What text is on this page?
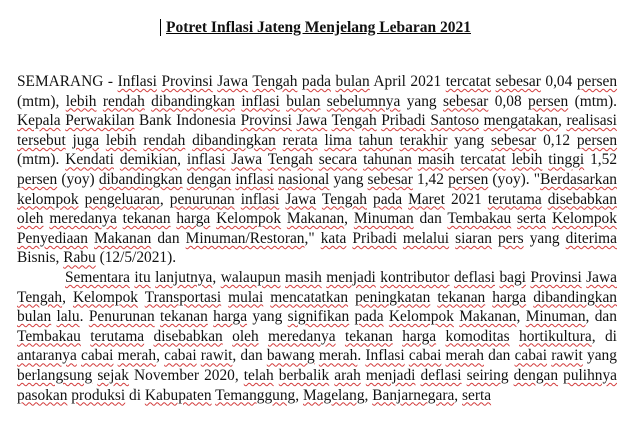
Potret Inflasi Jateng Menjelang Lebaran 2021

SEMARANG - Inflasi Provinsi Jawa Tengah pada bulan April 2021 tercatat sebesar 0,04 persen (mtm), lebih rendah dibandingkan inflasi bulan sebelumnya yang sebesar 0,08 persen (mtm). Kepala Perwakilan Bank Indonesia Provinsi Jawa Tengah Pribadi Santoso mengatakan, realisasi tersebut juga lebih rendah dibandingkan rerata lima tahun terakhir yang sebesar 0,12 persen (mtm). Kendati demikian, inflasi Jawa Tengah secara tahunan masih tercatat lebih tinggi 1,52 persen (yoy) dibandingkan dengan inflasi nasional yang sebesar 1,42 persen (yoy). "Berdasarkan kelompok pengeluaran, penurunan inflasi Jawa Tengah pada Maret 2021 terutama disebabkan oleh meredanya tekanan harga Kelompok Makanan, Minuman dan Tembakau serta Kelompok Penyediaan Makanan dan Minuman/Restoran," kata Pribadi melalui siaran pers yang diterima Bisnis, Rabu (12/5/2021).

Sementara itu lanjutnya, walaupun masih menjadi kontributor deflasi bagi Provinsi Jawa Tengah, Kelompok Transportasi mulai mencatatkan peningkatan tekanan harga dibandingkan bulan lalu. Penurunan tekanan harga yang signifikan pada Kelompok Makanan, Minuman, dan Tembakau terutama disebabkan oleh meredanya tekanan harga komoditas hortikultura, di antaranya cabai merah, cabai rawit, dan bawang merah. Inflasi cabai merah dan cabai rawit yang berlangsung sejak November 2020, telah berbalik arah menjadi deflasi seiring dengan pulihnya pasokan produksi di Kabupaten Temanggung, Magelang, Banjarnegara, serta
